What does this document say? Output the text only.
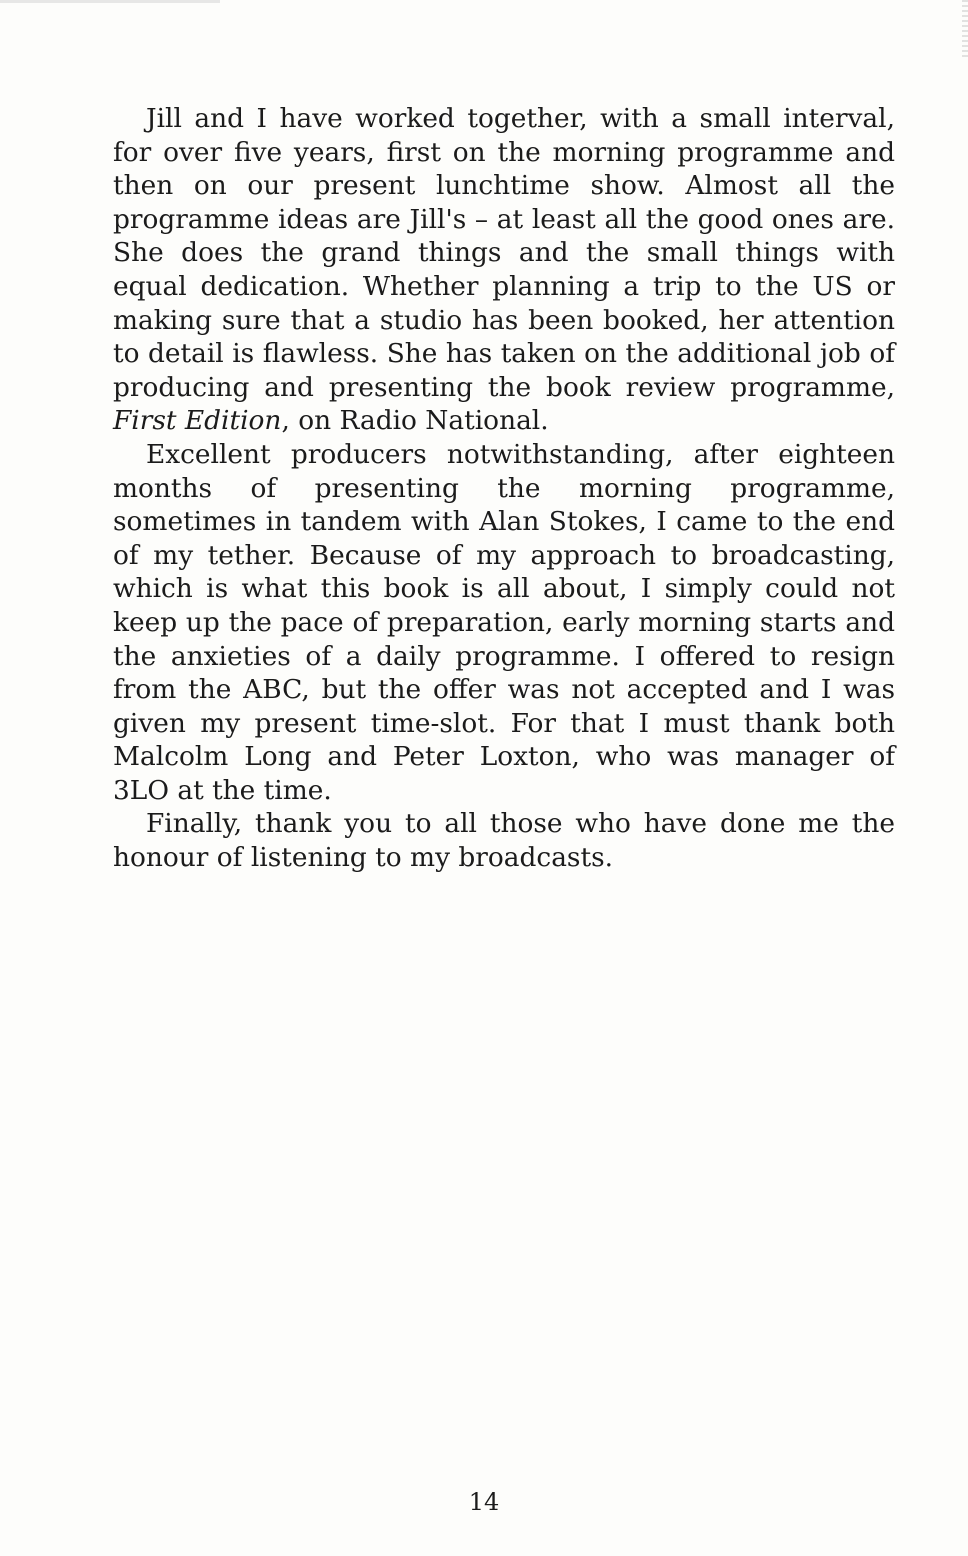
Jill and I have worked together, with a small interval, for over five years, first on the morning programme and then on our present lunchtime show. Almost all the programme ideas are Jill's – at least all the good ones are. She does the grand things and the small things with equal dedication. Whether planning a trip to the US or making sure that a studio has been booked, her attention to detail is flawless. She has taken on the additional job of producing and presenting the book review programme, First Edition, on Radio National.

Excellent producers notwithstanding, after eighteen months of presenting the morning programme, sometimes in tandem with Alan Stokes, I came to the end of my tether. Because of my approach to broadcasting, which is what this book is all about, I simply could not keep up the pace of preparation, early morning starts and the anxieties of a daily programme. I offered to resign from the ABC, but the offer was not accepted and I was given my present time-slot. For that I must thank both Malcolm Long and Peter Loxton, who was manager of 3LO at the time.

Finally, thank you to all those who have done me the honour of listening to my broadcasts.

14
